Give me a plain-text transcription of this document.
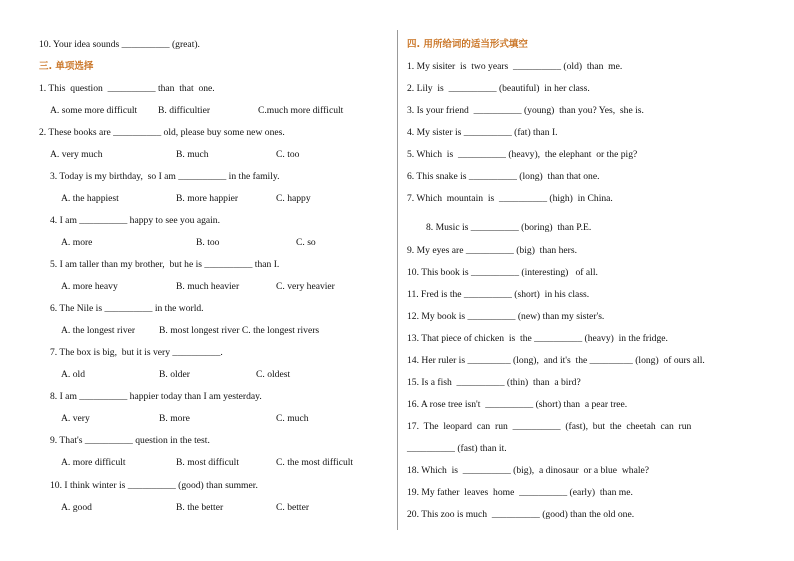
10. Your idea sounds __________ (great).
三. 单项选择
1. This  question  __________ than  that  one.
A. some more difficult B. difficultier	C.much more difficult
2. These books are __________ old, please buy some new ones.
A. very much	B. much	C. too
3. Today is my birthday,  so I am __________ in the family.
A. the happiest	B. more happier	C. happy
4. I am __________ happy to see you again.
A. more	B. too	C. so
5. I am taller than my brother,  but he is __________ than I.
A. more heavy	B. much heavier	C. very heavier
6. The Nile is __________ in the world.
A. the longest river B. most longest river C. the longest rivers
7. The box is big,  but it is very __________.
A. old	B. older	C. oldest
8. I am __________ happier today than I am yesterday.
A. very	B. more	C. much
9. That's __________ question in the test.
A. more difficult	B. most difficult	C. the most difficult
10. I think winter is __________ (good) than summer.
A. good	B. the better	C. better
四. 用所给词的适当形式填空
1. My sisiter  is  two years  __________ (old)  than  me.
2. Lily  is  __________ (beautiful)  in her class.
3. Is your friend  __________ (young)  than you? Yes,  she is.
4. My sister is __________ (fat) than I.
5. Which  is  __________ (heavy),  the elephant  or the pig?
6. This snake is __________ (long)  than that one.
7. Which  mountain  is  __________ (high)  in China.
8. Music is __________ (boring)  than P.E.
9. My eyes are __________ (big)  than hers.
10. This book is __________ (interesting)   of all.
11. Fred is the __________ (short)  in his class.
12. My book is __________ (new) than my sister's.
13. That piece of chicken  is  the __________ (heavy)  in the fridge.
14. Her ruler is _________ (long),  and it's  the _________ (long)  of ours all.
15. Is a fish  __________ (thin)  than  a bird?
16. A rose tree isn't  __________ (short) than  a pear tree.
17.  The  leopard  can  run  __________  (fast),  but  the  cheetah  can  run
__________ (fast) than it.
18. Which  is  __________ (big),  a dinosaur  or a blue  whale?
19. My father  leaves  home  __________ (early)  than me.
20. This zoo is much  __________ (good) than the old one.
